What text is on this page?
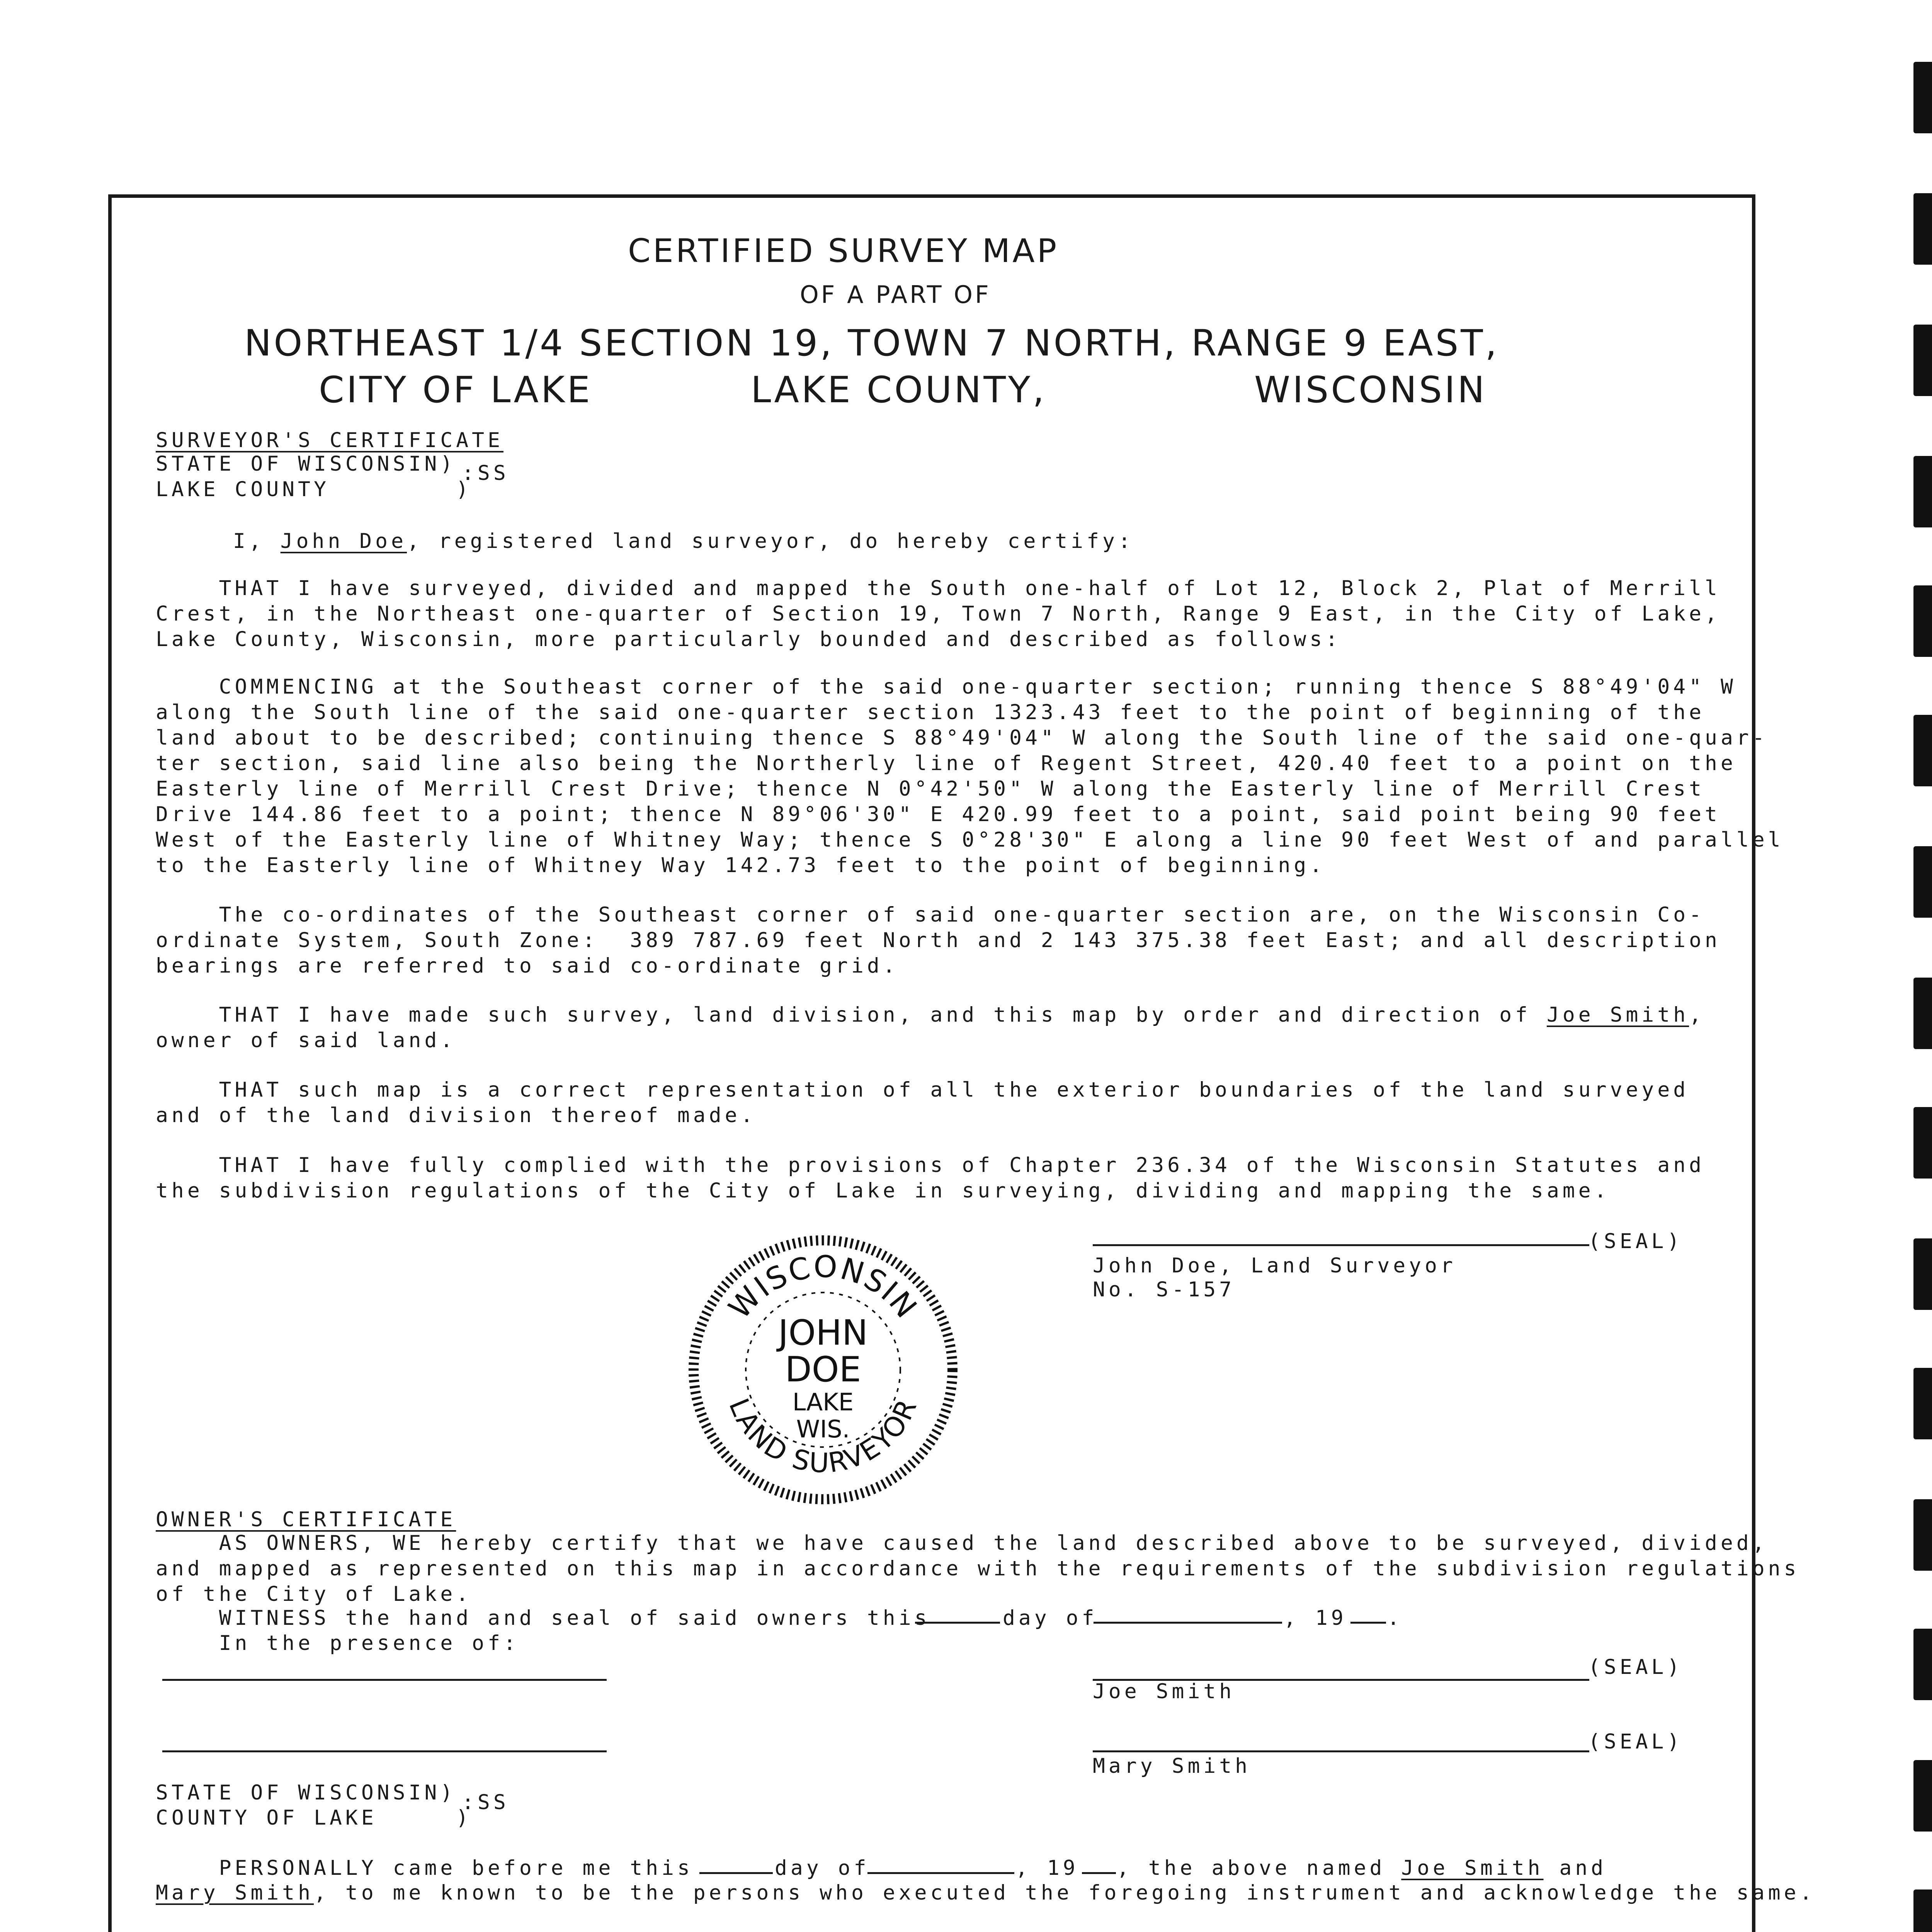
CERTIFIED SURVEY MAP
OF A PART OF
NORTHEAST 1/4 SECTION 19, TOWN 7 NORTH, RANGE 9 EAST,
CITY OF LAKE	LAKE COUNTY,	WISCONSIN
SURVEYOR'S CERTIFICATE
STATE OF WISCONSIN) :SS
LAKE COUNTY        )
I, John Doe, registered land surveyor, do hereby certify:
THAT I have surveyed, divided and mapped the South one-half of Lot 12, Block 2, Plat of Merrill
Crest, in the Northeast one-quarter of Section 19, Town 7 North, Range 9 East, in the City of Lake,
Lake County, Wisconsin, more particularly bounded and described as follows:
COMMENCING at the Southeast corner of the said one-quarter section; running thence S 88°49'04" W
along the South line of the said one-quarter section 1323.43 feet to the point of beginning of the
land about to be described; continuing thence S 88°49'04" W along the South line of the said one-quar-
ter section, said line also being the Northerly line of Regent Street, 420.40 feet to a point on the
Easterly line of Merrill Crest Drive; thence N 0°42'50" W along the Easterly line of Merrill Crest
Drive 144.86 feet to a point; thence N 89°06'30" E 420.99 feet to a point, said point being 90 feet
West of the Easterly line of Whitney Way; thence S 0°28'30" E along a line 90 feet West of and parallel
to the Easterly line of Whitney Way 142.73 feet to the point of beginning.
The co-ordinates of the Southeast corner of said one-quarter section are, on the Wisconsin Co-
ordinate System, South Zone:  389 787.69 feet North and 2 143 375.38 feet East; and all description
bearings are referred to said co-ordinate grid.
THAT I have made such survey, land division, and this map by order and direction of Joe Smith,
owner of said land.
THAT such map is a correct representation of all the exterior boundaries of the land surveyed
and of the land division thereof made.
THAT I have fully complied with the provisions of Chapter 236.34 of the Wisconsin Statutes and
the subdivision regulations of the City of Lake in surveying, dividing and mapping the same.
(SEAL)
John Doe, Land Surveyor
No. S-157
WISCONSIN
LAND SURVEYOR
JOHN
DOE
LAKE
WIS.
OWNER'S CERTIFICATE
AS OWNERS, WE hereby certify that we have caused the land described above to be surveyed, divided,
and mapped as represented on this map in accordance with the requirements of the subdivision regulations
of the City of Lake.
WITNESS the hand and seal of said owners this	day of	, 19 .
In the presence of:
(SEAL)
Joe Smith
(SEAL)
Mary Smith
STATE OF WISCONSIN) :SS
COUNTY OF LAKE     )
PERSONALLY came before me this	day of	, 19 , the above named Joe Smith and
Mary Smith, to me known to be the persons who executed the foregoing instrument and acknowledge the same.
